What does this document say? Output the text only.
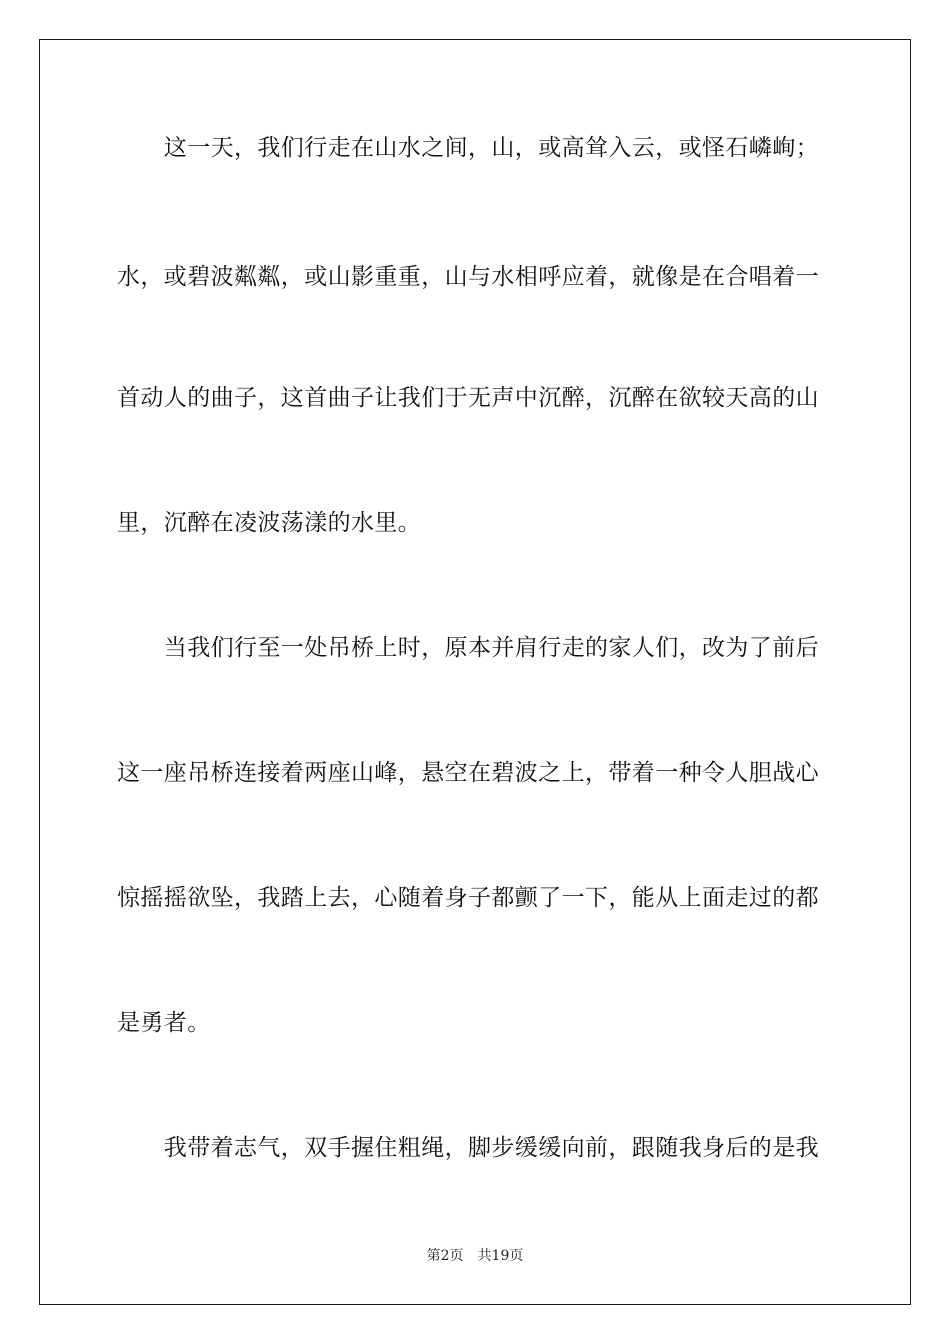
　　这一天，我们行走在山水之间，山，或高耸入云，或怪石嶙峋；
水，或碧波粼粼，或山影重重，山与水相呼应着，就像是在合唱着一
首动人的曲子，这首曲子让我们于无声中沉醉，沉醉在欲较天高的山
里，沉醉在凌波荡漾的水里。
　　当我们行至一处吊桥上时，原本并肩行走的家人们，改为了前后
这一座吊桥连接着两座山峰，悬空在碧波之上，带着一种令人胆战心
惊摇摇欲坠，我踏上去，心随着身子都颤了一下，能从上面走过的都
是勇者。
　　我带着志气，双手握住粗绳，脚步缓缓向前，跟随我身后的是我
第2页 共19页
